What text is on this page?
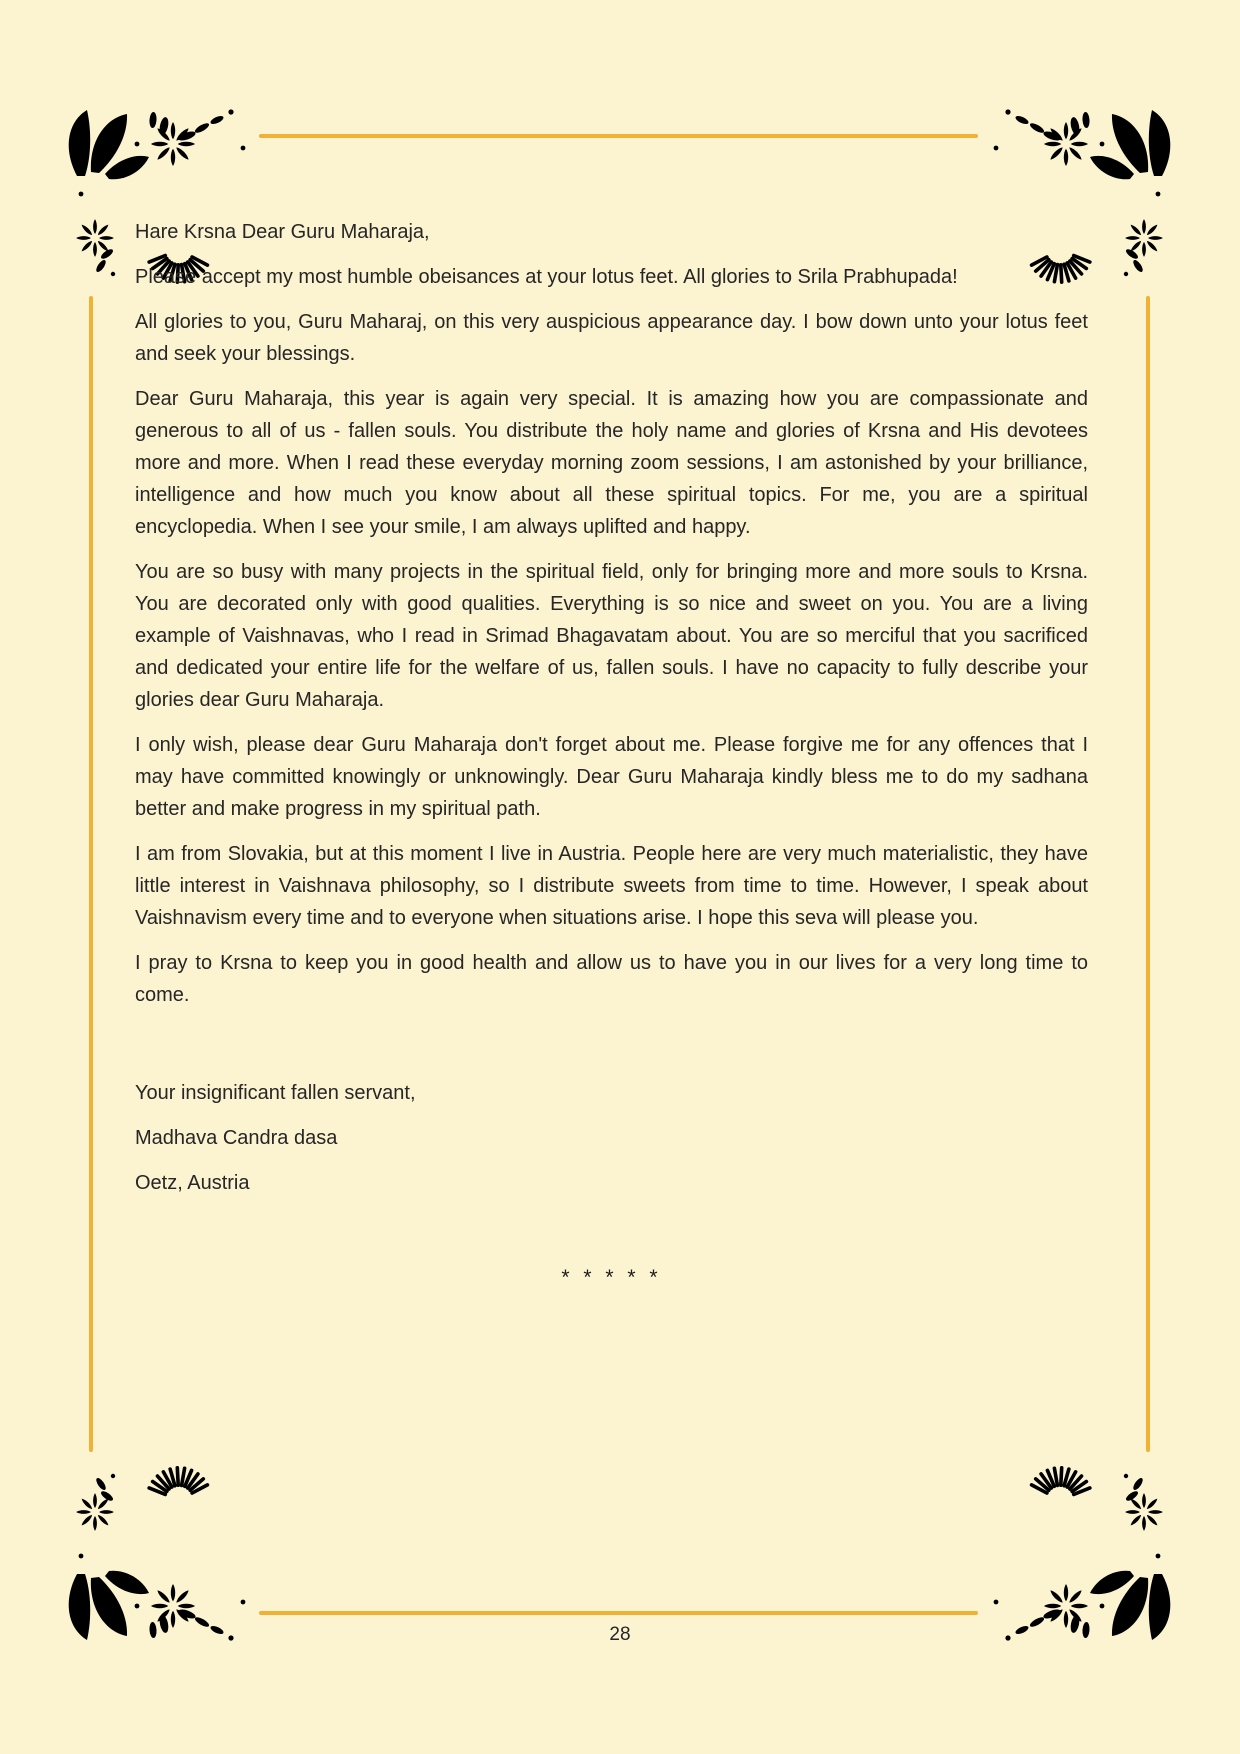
Hare Krsna Dear Guru Maharaja,

Please accept my most humble obeisances at your lotus feet. All glories to Srila Prabhupada!

All glories to you, Guru Maharaj, on this very auspicious appearance day. I bow down unto your lotus feet and seek your blessings.

Dear Guru Maharaja, this year is again very special. It is amazing how you are compassionate and generous to all of us - fallen souls. You distribute the holy name and glories of Krsna and His devotees more and more. When I read these everyday morning zoom sessions, I am astonished by your brilliance, intelligence and how much you know about all these spiritual topics. For me, you are a spiritual encyclopedia. When I see your smile, I am always uplifted and happy.

You are so busy with many projects in the spiritual field, only for bringing more and more souls to Krsna. You are decorated only with good qualities. Everything is so nice and sweet on you. You are a living example of Vaishnavas, who I read in Srimad Bhagavatam about. You are so merciful that you sacrificed and dedicated your entire life for the welfare of us, fallen souls. I have no capacity to fully describe your glories dear Guru Maharaja.

I only wish, please dear Guru Maharaja don't forget about me. Please forgive me for any offences that I may have committed knowingly or unknowingly. Dear Guru Maharaja kindly bless me to do my sadhana better and make progress in my spiritual path.

I am from Slovakia, but at this moment I live in Austria. People here are very much materialistic, they have little interest in Vaishnava philosophy, so I distribute sweets from time to time. However, I speak about Vaishnavism every time and to everyone when situations arise. I hope this seva will please you.

I pray to Krsna to keep you in good health and allow us to have you in our lives for a very long time to come.

Your insignificant fallen servant,

Madhava Candra dasa

Oetz, Austria

* * * * *
28
